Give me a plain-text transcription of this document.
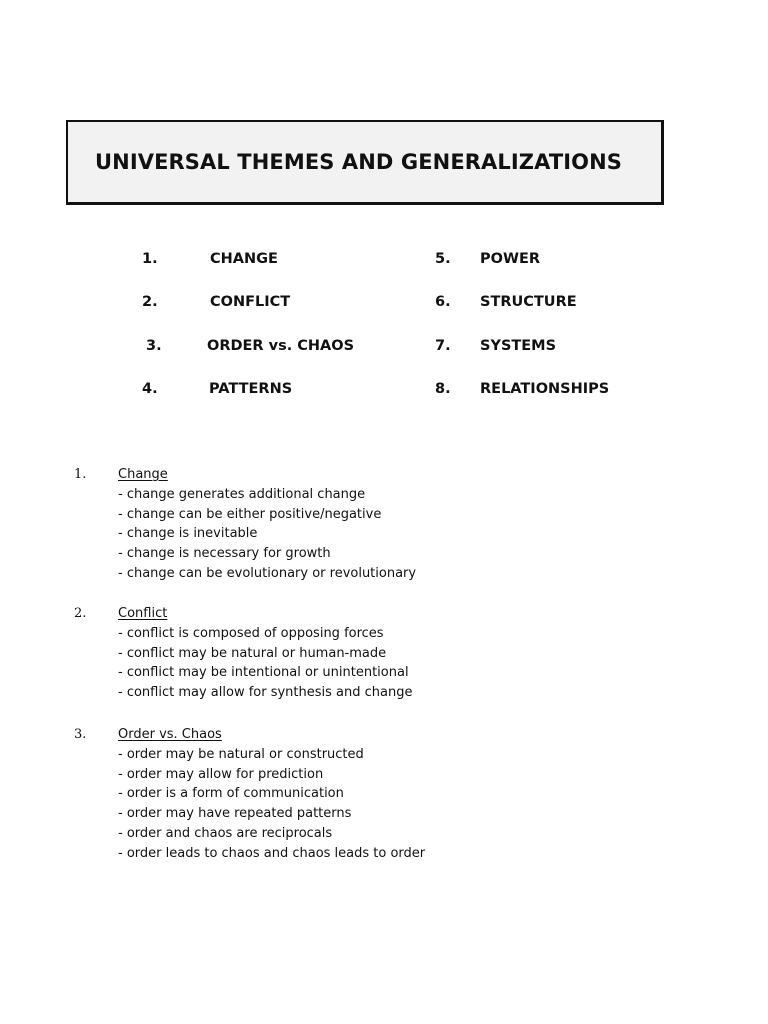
UNIVERSAL THEMES AND GENERALIZATIONS
1.	CHANGE
2.	CONFLICT
3.	ORDER vs. CHAOS
4.	PATTERNS
5. POWER
6. STRUCTURE
7. SYSTEMS
8. RELATIONSHIPS
1. Change
- change generates additional change
- change can be either positive/negative
- change is inevitable
- change is necessary for growth
- change can be evolutionary or revolutionary
2. Conflict
- conflict is composed of opposing forces
- conflict may be natural or human-made
- conflict may be intentional or unintentional
- conflict may allow for synthesis and change
3. Order vs. Chaos
- order may be natural or constructed
- order may allow for prediction
- order is a form of communication
- order may have repeated patterns
- order and chaos are reciprocals
- order leads to chaos and chaos leads to order
